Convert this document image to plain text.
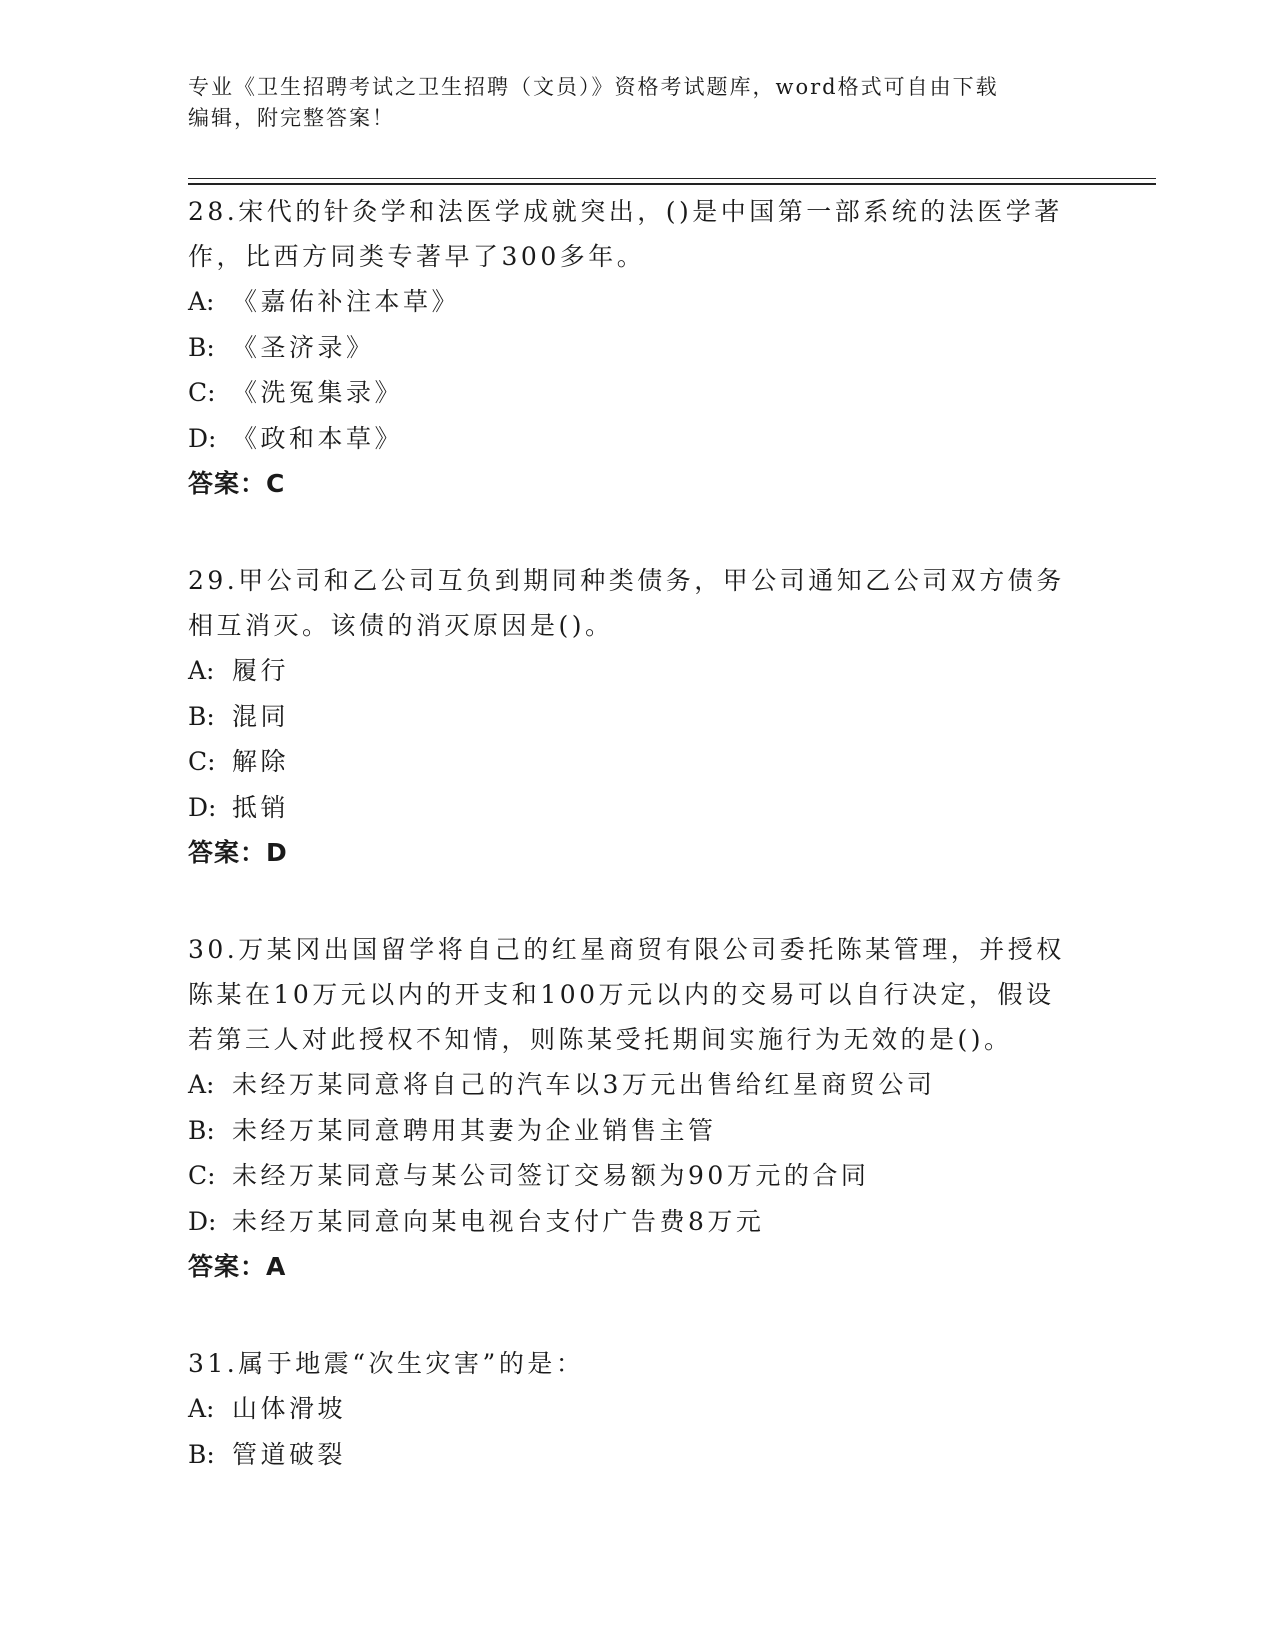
专业《卫生招聘考试之卫生招聘（文员）》资格考试题库，word格式可自由下载
编辑，附完整答案！
28.宋代的针灸学和法医学成就突出，()是中国第一部系统的法医学著
作，比西方同类专著早了300多年。
A: 《嘉佑补注本草》
B: 《圣济录》
C: 《洗冤集录》
D: 《政和本草》
答案：C
29.甲公司和乙公司互负到期同种类债务，甲公司通知乙公司双方债务
相互消灭。该债的消灭原因是()。
A: 履行
B: 混同
C: 解除
D: 抵销
答案：D
30.万某冈出国留学将自己的红星商贸有限公司委托陈某管理，并授权
陈某在10万元以内的开支和100万元以内的交易可以自行决定，假设
若第三人对此授权不知情，则陈某受托期间实施行为无效的是()。
A: 未经万某同意将自己的汽车以3万元出售给红星商贸公司
B: 未经万某同意聘用其妻为企业销售主管
C: 未经万某同意与某公司签订交易额为90万元的合同
D: 未经万某同意向某电视台支付广告费8万元
答案：A
31.属于地震“次生灾害”的是：
A: 山体滑坡
B: 管道破裂
